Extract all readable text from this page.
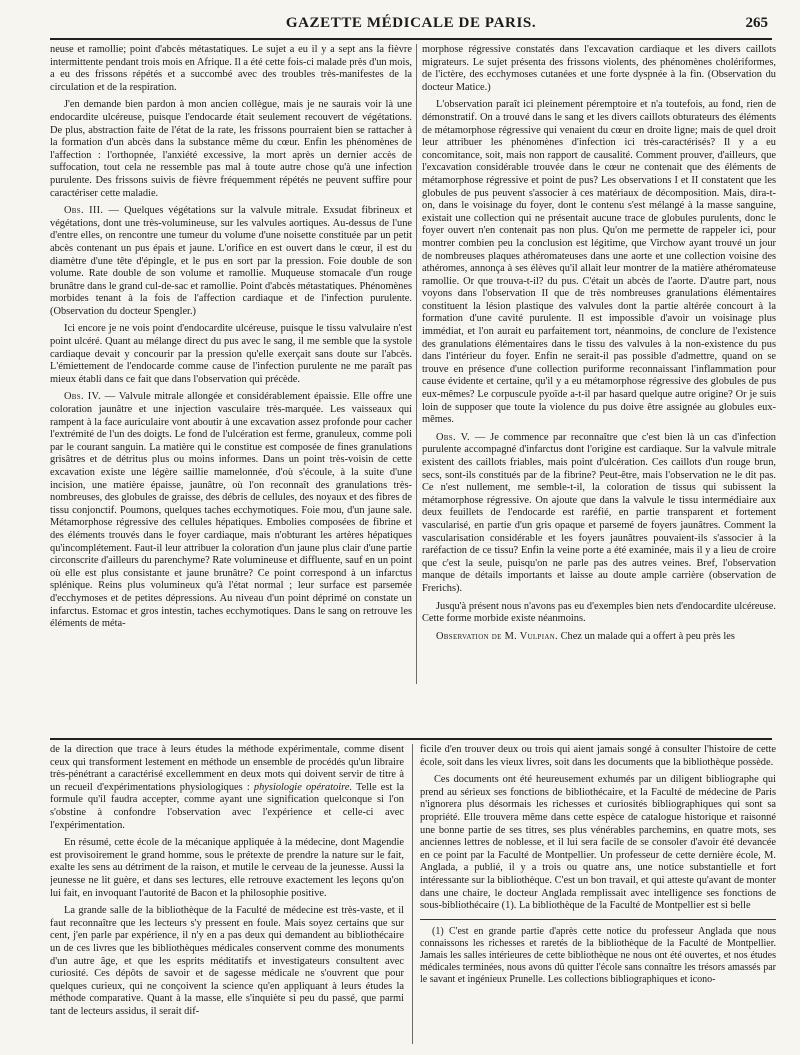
GAZETTE MÉDICALE DE PARIS.	265

neuse et ramollie; point d'abcès métastatiques. Le sujet a eu il y a sept ans la fièvre intermittente pendant trois mois en Afrique. Il a été cette fois-ci malade près d'un mois, a eu des frissons répétés et a succombé avec des troubles très-manifestes de la circulation et de la respiration.

J'en demande bien pardon à mon ancien collègue, mais je ne saurais voir là une endocardite ulcéreuse, puisque l'endocarde était seulement recouvert de végétations. De plus, abstraction faite de l'état de la rate, les frissons pourraient bien se rattacher à la formation d'un abcès dans la substance même du cœur. Enfin les phénomènes de l'affection : l'orthopnée, l'anxiété excessive, la mort après un dernier accès de suffocation, tout cela ne ressemble pas mal à toute autre chose qu'à une infection purulente. Des frissons suivis de fièvre fréquemment répétés ne peuvent suffire pour caractériser cette maladie.

Obs. III. — Quelques végétations sur la valvule mitrale. Exsudat fibrineux et végétations, dont une très-volumineuse, sur les valvules aortiques. Au-dessus de l'une d'entre elles, on rencontre une tumeur du volume d'une noisette constituée par un petit abcès contenant un pus épais et jaune. L'orifice en est ouvert dans le cœur, il est du diamètre d'une tête d'épingle, et le pus en sort par la pression. Foie double de son volume. Rate double de son volume et ramollie. Muqueuse stomacale d'un rouge brunâtre dans le grand cul-de-sac et ramollie. Point d'abcès métastatiques. Phénomènes morbides tenant à la fois de l'affection cardiaque et de l'infection purulente. (Observation du docteur Spengler.)

Ici encore je ne vois point d'endocardite ulcéreuse, puisque le tissu valvulaire n'est point ulcéré. Quant au mélange direct du pus avec le sang, il me semble que la systole cardiaque devait y concourir par la pression qu'elle exerçait sans doute sur l'abcès. L'émiettement de l'endocarde comme cause de l'infection purulente ne me paraît pas mieux établi dans ce fait que dans l'observation qui précède.

Obs. IV. — Valvule mitrale allongée et considérablement épaissie. Elle offre une coloration jaunâtre et une injection vasculaire très-marquée. Les vaisseaux qui rampent à la face auriculaire vont aboutir à une excavation assez profonde pour cacher l'extrémité de l'un des doigts. Le fond de l'ulcération est ferme, granuleux, comme poli par le courant sanguin. La matière qui le constitue est composée de fines granulations grisâtres et de détritus plus ou moins informes. Dans un point très-voisin de cette excavation existe une légère saillie mamelonnée, d'où s'écoule, à la suite d'une incision, une matière épaisse, jaunâtre, où l'on reconnaît des granulations très-nombreuses, des globules de graisse, des débris de cellules, des noyaux et des fibres de tissu conjonctif. Poumons, quelques taches ecchymotiques. Foie mou, d'un jaune sale. Métamorphose régressive des cellules hépatiques. Embolies composées de fibrine et des éléments trouvés dans le foyer cardiaque, mais n'obturant les artères hépatiques qu'incomplétement. Faut-il leur attribuer la coloration d'un jaune plus clair d'une partie circonscrite d'ailleurs du parenchyme? Rate volumineuse et diffluente, sauf en un point où elle est plus consistante et jaune brunâtre? Ce point correspond à un infarctus splénique. Reins plus volumineux qu'à l'état normal ; leur surface est parsemée d'ecchymoses et de petites dépressions. Au niveau d'un point déprimé on constate un infarctus. Estomac et gros intestin, taches ecchymotiques. Dans le sang on retrouve les éléments de méta-

morphose régressive constatés dans l'excavation cardiaque et les divers caillots migrateurs. Le sujet présenta des frissons violents, des phénomènes cholériformes, de l'ictère, des ecchymoses cutanées et une forte dyspnée à la fin. (Observation du docteur Matice.)

L'observation paraît ici pleinement péremptoire et n'a toutefois, au fond, rien de démonstratif. On a trouvé dans le sang et les divers caillots obturateurs des éléments de métamorphose régressive qui venaient du cœur en droite ligne; mais de quel droit leur attribuer les phénomènes d'infection ici très-caractérisés? Il y a eu concomitance, soit, mais non rapport de causalité. Comment prouver, d'ailleurs, que l'excavation considérable trouvée dans le cœur ne contenait que des éléments de métamorphose régressive et point de pus? Les observations I et II constatent que les globules de pus peuvent s'associer à ces matériaux de décomposition. Mais, dira-t-on, dans le voisinage du foyer, dont le contenu s'est mélangé à la masse sanguine, existait une collection qui ne présentait aucune trace de globules purulents, donc le foyer ouvert n'en contenait pas non plus. Qu'on me permette de rappeler ici, pour montrer combien peu la conclusion est légitime, que Virchow ayant trouvé un jour de nombreuses plaques athéromateuses dans une aorte et une collection voisine des athéromes, annonça à ses élèves qu'il allait leur montrer de la matière athéromateuse ramollie. Or que trouva-t-il? du pus. C'était un abcès de l'aorte. D'autre part, nous voyons dans l'observation II que de très nombreuses granulations élémentaires constituent la lésion plastique des valvules dont la partie altérée concourt à la formation d'une cavité purulente. Il est impossible d'avoir un voisinage plus immédiat, et l'on aurait eu parfaitement tort, néanmoins, de conclure de l'existence des granulations élémentaires dans le tissu des valvules à la non-existence du pus dans l'intérieur du foyer. Enfin ne serait-il pas possible d'admettre, quand on se trouve en présence d'une collection puriforme reconnaissant l'inflammation pour cause évidente et certaine, qu'il y a eu métamorphose régressive des globules de pus eux-mêmes? Le corpuscule pyoïde a-t-il par hasard quelque autre origine? Or je suis loin de supposer que toute la violence du pus doive être assignée au globules eux-mêmes.

Obs. V. — Je commence par reconnaître que c'est bien là un cas d'infection purulente accompagné d'infarctus dont l'origine est cardiaque. Sur la valvule mitrale existent des caillots friables, mais point d'ulcération. Ces caillots d'un rouge brun, secs, sont-ils constitués par de la fibrine? Peut-être, mais l'observation ne le dit pas. Ce n'est nullement, me semble-t-il, la coloration de tissus qui subissent la métamorphose régressive. On ajoute que dans la valvule le tissu intermédiaire aux deux feuillets de l'endocarde est raréfié, en partie transparent et fortement vascularisé, en partie d'un gris opaque et parsemé de foyers jaunâtres. Comment la vascularisation considérable et les foyers jaunâtres pouvaient-ils s'associer à la raréfaction de ce tissu? Enfin la veine porte a été examinée, mais il y a lieu de croire que c'est la seule, puisqu'on ne parle pas des autres veines. Bref, l'observation manque de détails importants et laisse au doute ample carrière (observation de Frerichs).

Jusqu'à présent nous n'avons pas eu d'exemples bien nets d'endocardite ulcéreuse. Cette forme morbide existe néanmoins.

Observation de M. Vulpian. Chez un malade qui a offert à peu près les

de la direction que trace à leurs études la méthode expérimentale, comme disent ceux qui transforment lestement en méthode un ensemble de procédés qu'un libraire très-pénétrant a caractérisé excellemment en deux mots qui doivent servir de titre à un recueil d'expérimentations physiologiques : physiologie opératoire. Telle est la formule qu'il faudra accepter, comme ayant une signification quelconque si l'on s'obstine à confondre l'observation avec l'expérience et celle-ci avec l'expérimentation.

En résumé, cette école de la mécanique appliquée à la médecine, dont Magendie est provisoirement le grand homme, sous le prétexte de prendre la nature sur le fait, exalte les sens au détriment de la raison, et mutile le cerveau de la jeunesse. Aussi la jeunesse ne lit guère, et dans ses lectures, elle retrouve exactement les leçons qu'on lui fait, en invoquant l'autorité de Bacon et la philosophie positive.

La grande salle de la bibliothèque de la Faculté de médecine est très-vaste, et il faut reconnaître que les lecteurs s'y pressent en foule. Mais soyez certains que sur cent, j'en parle par expérience, il n'y en a pas deux qui demandent au bibliothécaire un de ces livres que les bibliothèques médicales conservent comme des monuments d'un autre âge, et que les esprits méditatifs et investigateurs consultent avec curiosité. Ces dépôts de savoir et de sagesse médicale ne s'ouvrent que pour quelques curieux, qui ne conçoivent la science qu'en appliquant à leurs études la méthode comparative. Quant à la masse, elle s'inquiète si peu du passé, que parmi tant de lecteurs assidus, il serait dif-

ficile d'en trouver deux ou trois qui aient jamais songé à consulter l'histoire de cette école, soit dans les vieux livres, soit dans les documents que la bibliothèque possède.

Ces documents ont été heureusement exhumés par un diligent bibliographe qui prend au sérieux ses fonctions de bibliothécaire, et la Faculté de médecine de Paris n'ignorera plus désormais les richesses et curiosités bibliographiques qui sont sa propriété. Elle trouvera même dans cette espèce de catalogue historique et raisonné une bonne partie de ses titres, ses plus vénérables parchemins, en quatre mots, ses anciennes lettres de noblesse, et il lui sera facile de se consoler d'avoir été devancée en ce point par la Faculté de Montpellier. Un professeur de cette dernière école, M. Anglada, a publié, il y a trois ou quatre ans, une notice substantielle et fort intéressante sur la bibliothèque. C'est un bon travail, et qui atteste qu'avant de monter dans une chaire, le docteur Anglada remplissait avec intelligence ses fonctions de sous-bibliothécaire (1). La bibliothèque de la Faculté de Montpellier est si belle

(1) C'est en grande partie d'après cette notice du professeur Anglada que nous connaissons les richesses et raretés de la bibliothèque de la Faculté de Montpellier. Jamais les salles intérieures de cette bibliothèque ne nous ont été ouvertes, et nos études médicales terminées, nous avons dû quitter l'école sans connaître les trésors amassés par le savant et ingénieux Prunelle. Les collections bibliographiques et icono-
